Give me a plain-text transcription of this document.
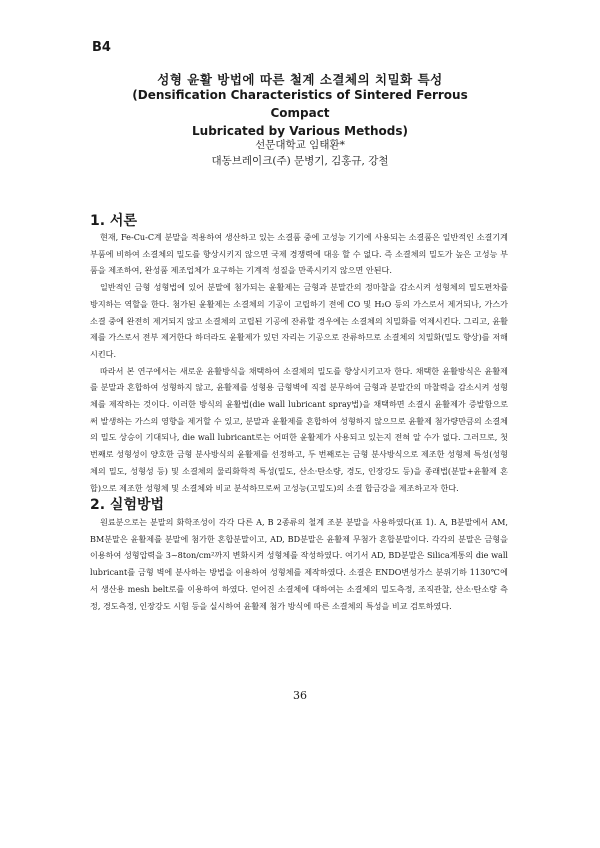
B4
성형 윤활 방법에 따른 철계 소결체의 치밀화 특성
(Densification Characteristics of Sintered Ferrous Compact
Lubricated by Various Methods)
선문대학교 임태환*
대동브레이크(주) 문병기, 김홍규, 강철
1. 서론

현재, Fe-Cu-C계 분말을 적용하여 생산하고 있는 소결품 중에 고성능 기기에 사용되는 소결품은 일반적인 소결기계 부품에 비하여 소결체의 밀도를 향상시키지 않으면 국제 경쟁력에 대응 할 수 없다. 즉 소결체의 밀도가 높은 고성능 부품을 제조하여, 완성품 제조업체가 요구하는 기계적 성질을 만족시키지 않으면 안된다.

일반적인 금형 성형법에 있어 분말에 첨가되는 윤활제는 금형과 분말간의 정마찰을 감소시켜 성형체의 밀도편차를 방지하는 역할을 한다. 첨가된 윤활제는 소결체의 기공이 고립하기 전에 CO 및 H₂O 등의 가스로서 제거되나, 가스가 소결 중에 완전히 제거되지 않고 소결체의 고립된 기공에 잔류할 경우에는 소결체의 치밀화를 억제시킨다. 그리고, 윤활제를 가스로서 전부 제거한다 하더라도 윤활제가 있던 자리는 기공으로 잔류하므로 소결체의 치밀화(밀도 향상)를 저해시킨다.

따라서 본 연구에서는 새로운 윤활방식을 채택하여 소결체의 밀도를 향상시키고자 한다. 채택한 윤활방식은 윤활제를 분말과 혼합하여 성형하지 않고, 윤활제를 성형용 금형벽에 직접 분무하여 금형과 분말간의 마찰력을 감소시켜 성형체를 제작하는 것이다. 이러한 방식의 윤활법(die wall lubricant spray법)을 채택하면 소결시 윤활제가 증발함으로써 발생하는 가스의 영향을 제거할 수 있고, 분말과 윤활제를 혼합하여 성형하지 않으므로 윤활제 첨가량만큼의 소결체의 밀도 상승이 기대되나, die wall lubricant로는 어떠한 윤활제가 사용되고 있는지 전혀 알 수가 없다. 그러므로, 첫 번째로 성형성이 양호한 금형 분사방식의 윤활제를 선정하고, 두 번째로는 금형 분사방식으로 제조한 성형체 특성(성형체의 밀도, 성형성 등) 및 소결체의 물리화학적 특성(밀도, 산소·탄소량, 경도, 인장강도 등)을 종래법(분말+윤활제 혼합)으로 제조한 성형체 및 소결체와 비교 분석하므로써 고성능(고밀도)의 소결 합금강을 제조하고자 한다.

2. 실험방법

원료분으로는 분말의 화학조성이 각각 다른 A, B 2종류의 철계 조분 분말을 사용하였다(표 1). A, B분말에서 AM, BM분말은 윤활제를 분말에 첨가한 혼합분말이고, AD, BD분말은 윤활제 무첨가 혼합분말이다. 각각의 분말은 금형을 이용하여 성형압력을 3~8ton/cm²까지 변화시켜 성형체를 작성하였다. 여기서 AD, BD분말은 Silica계통의 die wall lubricant를 금형 벽에 분사하는 방법을 이용하여 성형체를 제작하였다. 소결은 ENDO변성가스 분위기하 1130℃에서 생산용 mesh belt로를 이용하여 하였다. 얻어진 소결체에 대하여는 소결체의 밀도측정, 조직관찰, 산소·탄소량 측정, 경도측정, 인장강도 시험 등을 실시하여 윤활제 첨가 방식에 따른 소결체의 특성을 비교 검토하였다.

36
